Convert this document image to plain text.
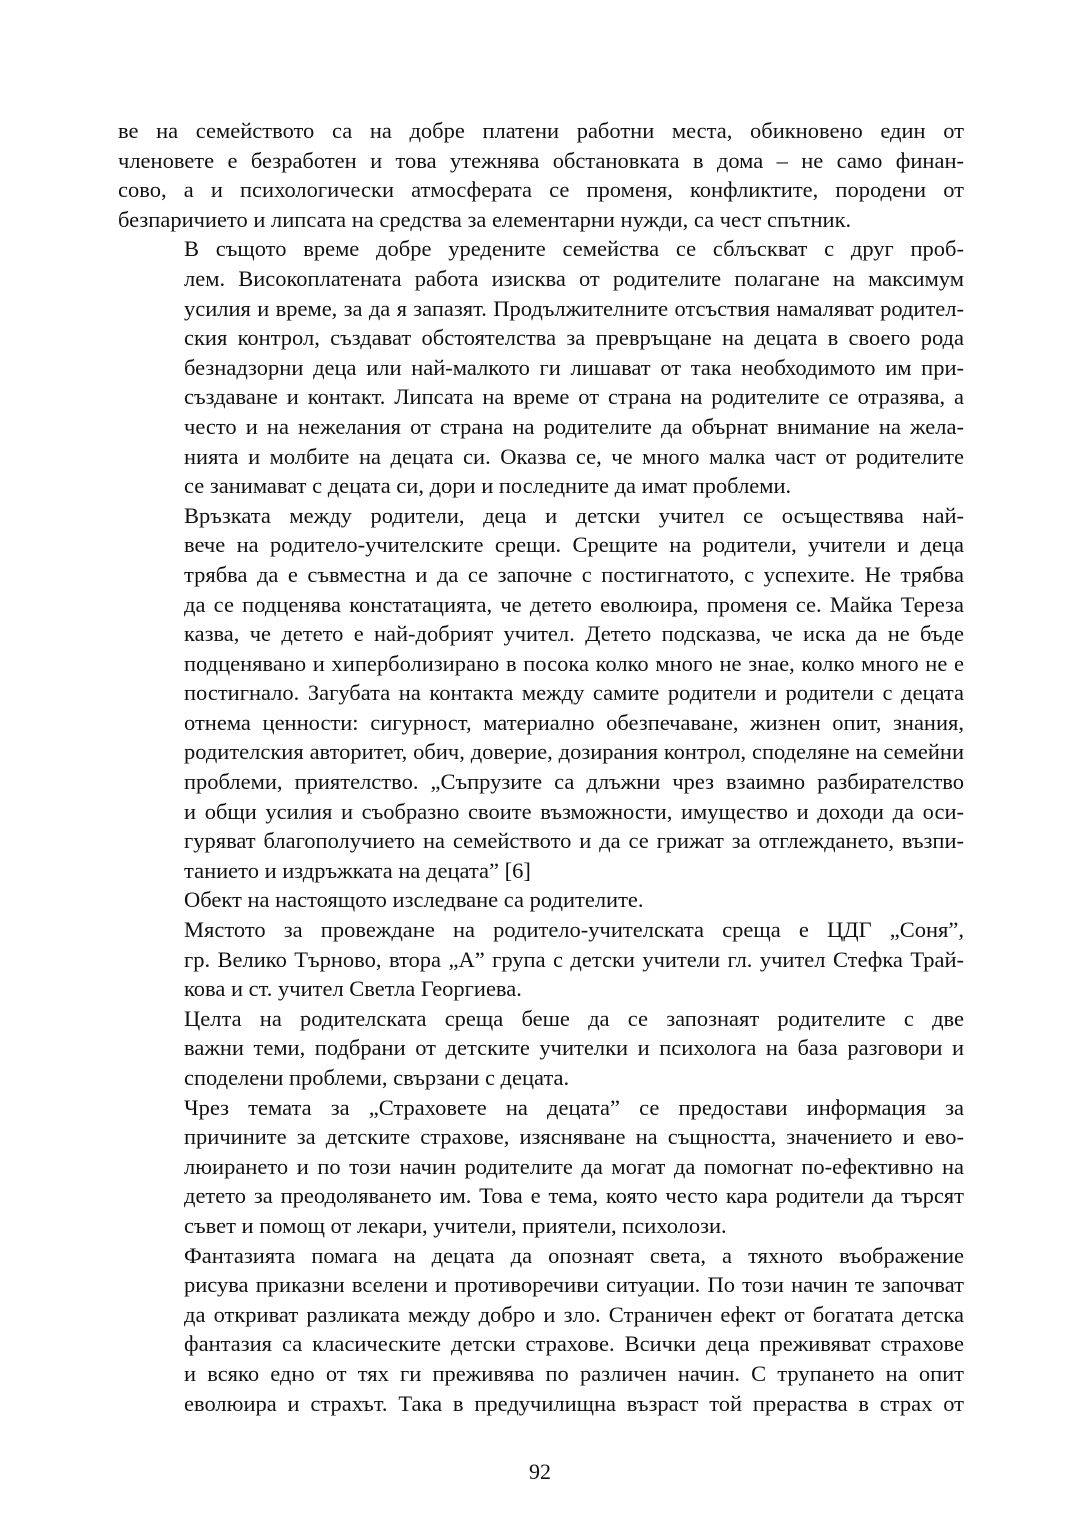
ве на семейството са на добре платени работни места, обикновено един от
членовете е безработен и това утежнява обстановката в дома – не само финан-
сово, а и психологически атмосферата се променя, конфликтите, породени от
безпаричието и липсата на средства за елементарни нужди, са чест спътник.

В същото време добре уредените семейства се сблъскват с друг проб-
лем. Високоплатената работа изисква от родителите полагане на максимум
усилия и време, за да я запазят. Продължителните отсъствия намаляват родител-
ския контрол, създават обстоятелства за превръщане на децата в своего рода
безнадзорни деца или най-малкото ги лишават от така необходимото им при-
създаване и контакт. Липсата на време от страна на родителите се отразява, а
често и на нежелания от страна на родителите да обърнат внимание на жела-
нията и молбите на децата си. Оказва се, че много малка част от родителите
се занимават с децата си, дори и последните да имат проблеми.

Връзката между родители, деца и детски учител се осъществява най-
вече на родитело-учителските срещи. Срещите на родители, учители и деца
трябва да е съвместна и да се започне с постигнатото, с успехите. Не трябва
да се подценява констатацията, че детето еволюира, променя се. Майка Тереза
казва, че детето е най-добрият учител. Детето подсказва, че иска да не бъде
подценявано и хиперболизирано в посока колко много не знае, колко много не е
постигнало. Загубата на контакта между самите родители и родители с децата
отнема ценности: сигурност, материално обезпечаване, жизнен опит, знания,
родителския авторитет, обич, доверие, дозирания контрол, споделяне на семейни
проблеми, приятелство. „Съпрузите са длъжни чрез взаимно разбирателство
и общи усилия и съобразно своите възможности, имущество и доходи да оси-
гуряват благополучието на семейството и да се грижат за отглеждането, възпи-
танието и издръжката на децата” [6]

Обект на настоящото изследване са родителите.

Мястото за провеждане на родитело-учителската среща е ЦДГ „Соня”,
гр. Велико Търново, втора „А” група с детски учители гл. учител Стефка Трай-
кова и ст. учител Светла Георгиева.

Целта на родителската среща беше да се запознаят родителите с две
важни теми, подбрани от детските учителки и психолога на база разговори и
споделени проблеми, свързани с децата.

Чрез темата за „Страховете на децата” се предостави информация за
причините за детските страхове, изясняване на същността, значението и ево-
люирането и по този начин родителите да могат да помогнат по-ефективно на
детето за преодоляването им. Това е тема, която често кара родители да търсят
съвет и помощ от лекари, учители, приятели, психолози.

Фантазията помага на децата да опознаят света, а тяхното въображение
рисува приказни вселени и противоречиви ситуации. По този начин те започват
да откриват разликата между добро и зло. Страничен ефект от богатата детска
фантазия са класическите детски страхове. Всички деца преживяват страхове
и всяко едно от тях ги преживява по различен начин. С трупането на опит
еволюира и страхът. Така в предучилищна възраст той прераства в страх от

92
